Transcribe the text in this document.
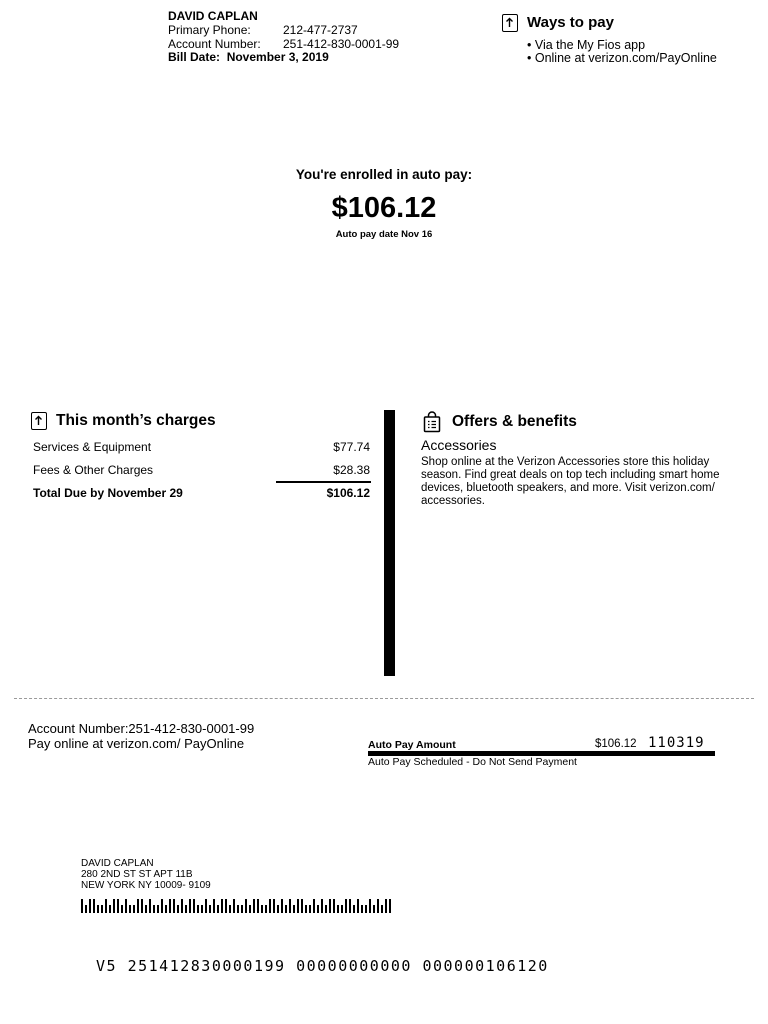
DAVID CAPLAN
Primary Phone:	212-477-2737
Account Number: 251-412-830-0001-99
Bill Date: November 3, 2019
Ways to pay
• Via the My Fios app
• Online at verizon.com/PayOnline
You're enrolled in auto pay:
$106.12
Auto pay date Nov 16
This month’s charges
Services & Equipment	$77.74
Fees & Other Charges	$28.38
Total Due by November 29	$106.12
Offers & benefits
Accessories
Shop online at the Verizon Accessories store this holiday season. Find great deals on top tech including smart home devices, bluetooth speakers, and more. Visit verizon.com/ accessories.
Account Number:251-412-830-0001-99
Pay online at verizon.com/ PayOnline	Auto Pay Amount	$106.12 110319
Auto Pay Scheduled - Do Not Send Payment
DAVID CAPLAN
280 2ND ST ST APT 11B
NEW YORK NY 10009- 9109
V5 251412830000199 00000000000 000000106120
